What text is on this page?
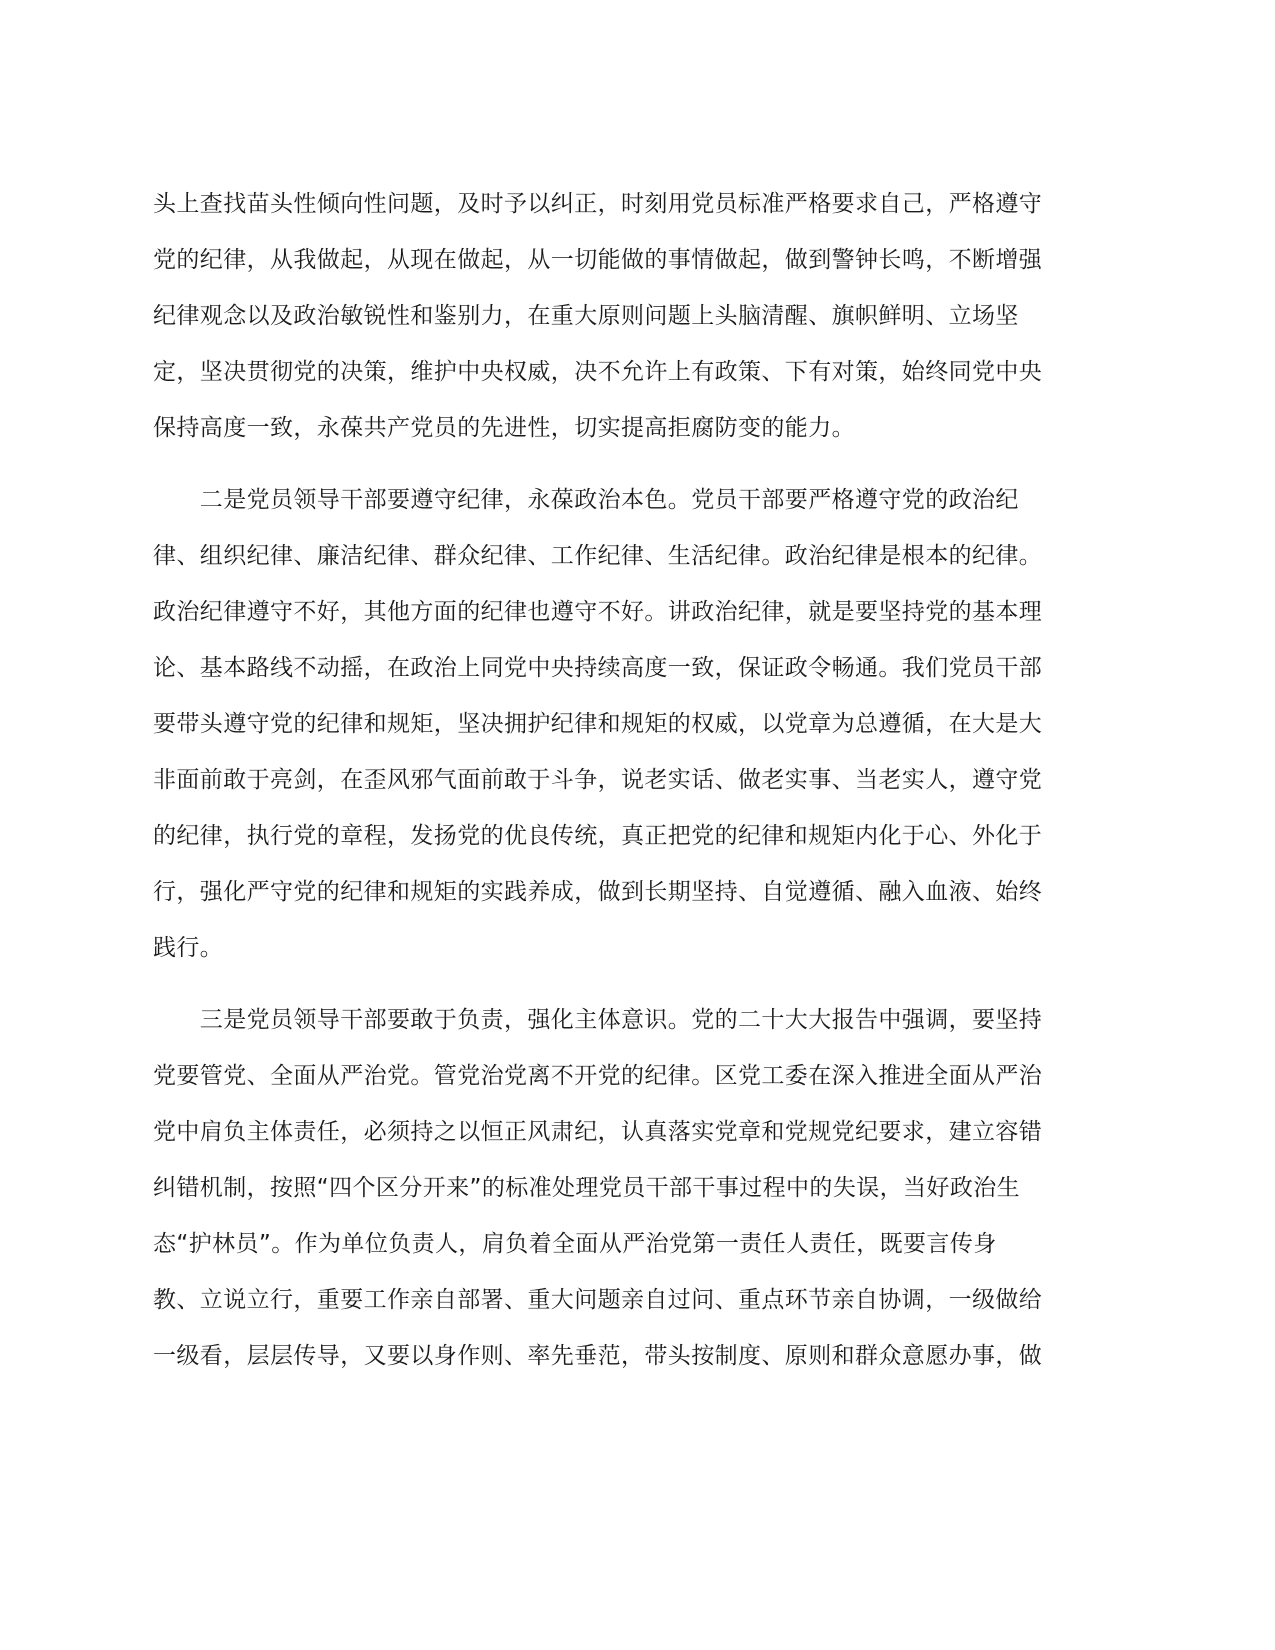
头上查找苗头性倾向性问题，及时予以纠正，时刻用党员标准严格要求自己，严格遵守
党的纪律，从我做起，从现在做起，从一切能做的事情做起，做到警钟长鸣，不断增强
纪律观念以及政治敏锐性和鉴别力，在重大原则问题上头脑清醒、旗帜鲜明、立场坚
定，坚决贯彻党的决策，维护中央权威，决不允许上有政策、下有对策，始终同党中央
保持高度一致，永葆共产党员的先进性，切实提高拒腐防变的能力。
　　二是党员领导干部要遵守纪律，永葆政治本色。党员干部要严格遵守党的政治纪
律、组织纪律、廉洁纪律、群众纪律、工作纪律、生活纪律。政治纪律是根本的纪律。
政治纪律遵守不好，其他方面的纪律也遵守不好。讲政治纪律，就是要坚持党的基本理
论、基本路线不动摇，在政治上同党中央持续高度一致，保证政令畅通。我们党员干部
要带头遵守党的纪律和规矩，坚决拥护纪律和规矩的权威，以党章为总遵循，在大是大
非面前敢于亮剑，在歪风邪气面前敢于斗争，说老实话、做老实事、当老实人，遵守党
的纪律，执行党的章程，发扬党的优良传统，真正把党的纪律和规矩内化于心、外化于
行，强化严守党的纪律和规矩的实践养成，做到长期坚持、自觉遵循、融入血液、始终
践行。
　　三是党员领导干部要敢于负责，强化主体意识。党的二十大大报告中强调，要坚持
党要管党、全面从严治党。管党治党离不开党的纪律。区党工委在深入推进全面从严治
党中肩负主体责任，必须持之以恒正风肃纪，认真落实党章和党规党纪要求，建立容错
纠错机制，按照“四个区分开来”的标准处理党员干部干事过程中的失误，当好政治生
态“护林员”。作为单位负责人，肩负着全面从严治党第一责任人责任，既要言传身
教、立说立行，重要工作亲自部署、重大问题亲自过问、重点环节亲自协调，一级做给
一级看，层层传导，又要以身作则、率先垂范，带头按制度、原则和群众意愿办事，做
